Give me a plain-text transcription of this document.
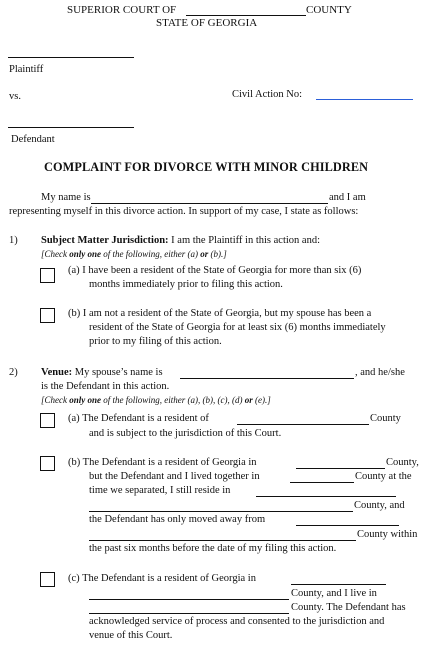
SUPERIOR COURT OF	COUNTY
STATE OF GEORGIA
Plaintiff
vs.	Civil Action No:
Defendant
COMPLAINT FOR DIVORCE WITH MINOR CHILDREN
My name is	and I am
representing myself in this divorce action. In support of my case, I state as follows:
1) Subject Matter Jurisdiction: I am the Plaintiff in this action and:
[Check only one of the following, either (a) or (b).]
(a) I have been a resident of the State of Georgia for more than six (6)
months immediately prior to filing this action.
(b) I am not a resident of the State of Georgia, but my spouse has been a
resident of the State of Georgia for at least six (6) months immediately
prior to my filing of this action.
2) Venue: My spouse’s name is	, and he/she
is the Defendant in this action.
[Check only one of the following, either (a), (b), (c), (d) or (e).]
(a) The Defendant is a resident of	County
and is subject to the jurisdiction of this Court.
(b) The Defendant is a resident of Georgia in	County,
but the Defendant and I lived together in	County at the
time we separated, I still reside in
County, and
the Defendant has only moved away from
County within
the past six months before the date of my filing this action.
(c) The Defendant is a resident of Georgia in
County, and I live in
County. The Defendant has
acknowledged service of process and consented to the jurisdiction and
venue of this Court.
